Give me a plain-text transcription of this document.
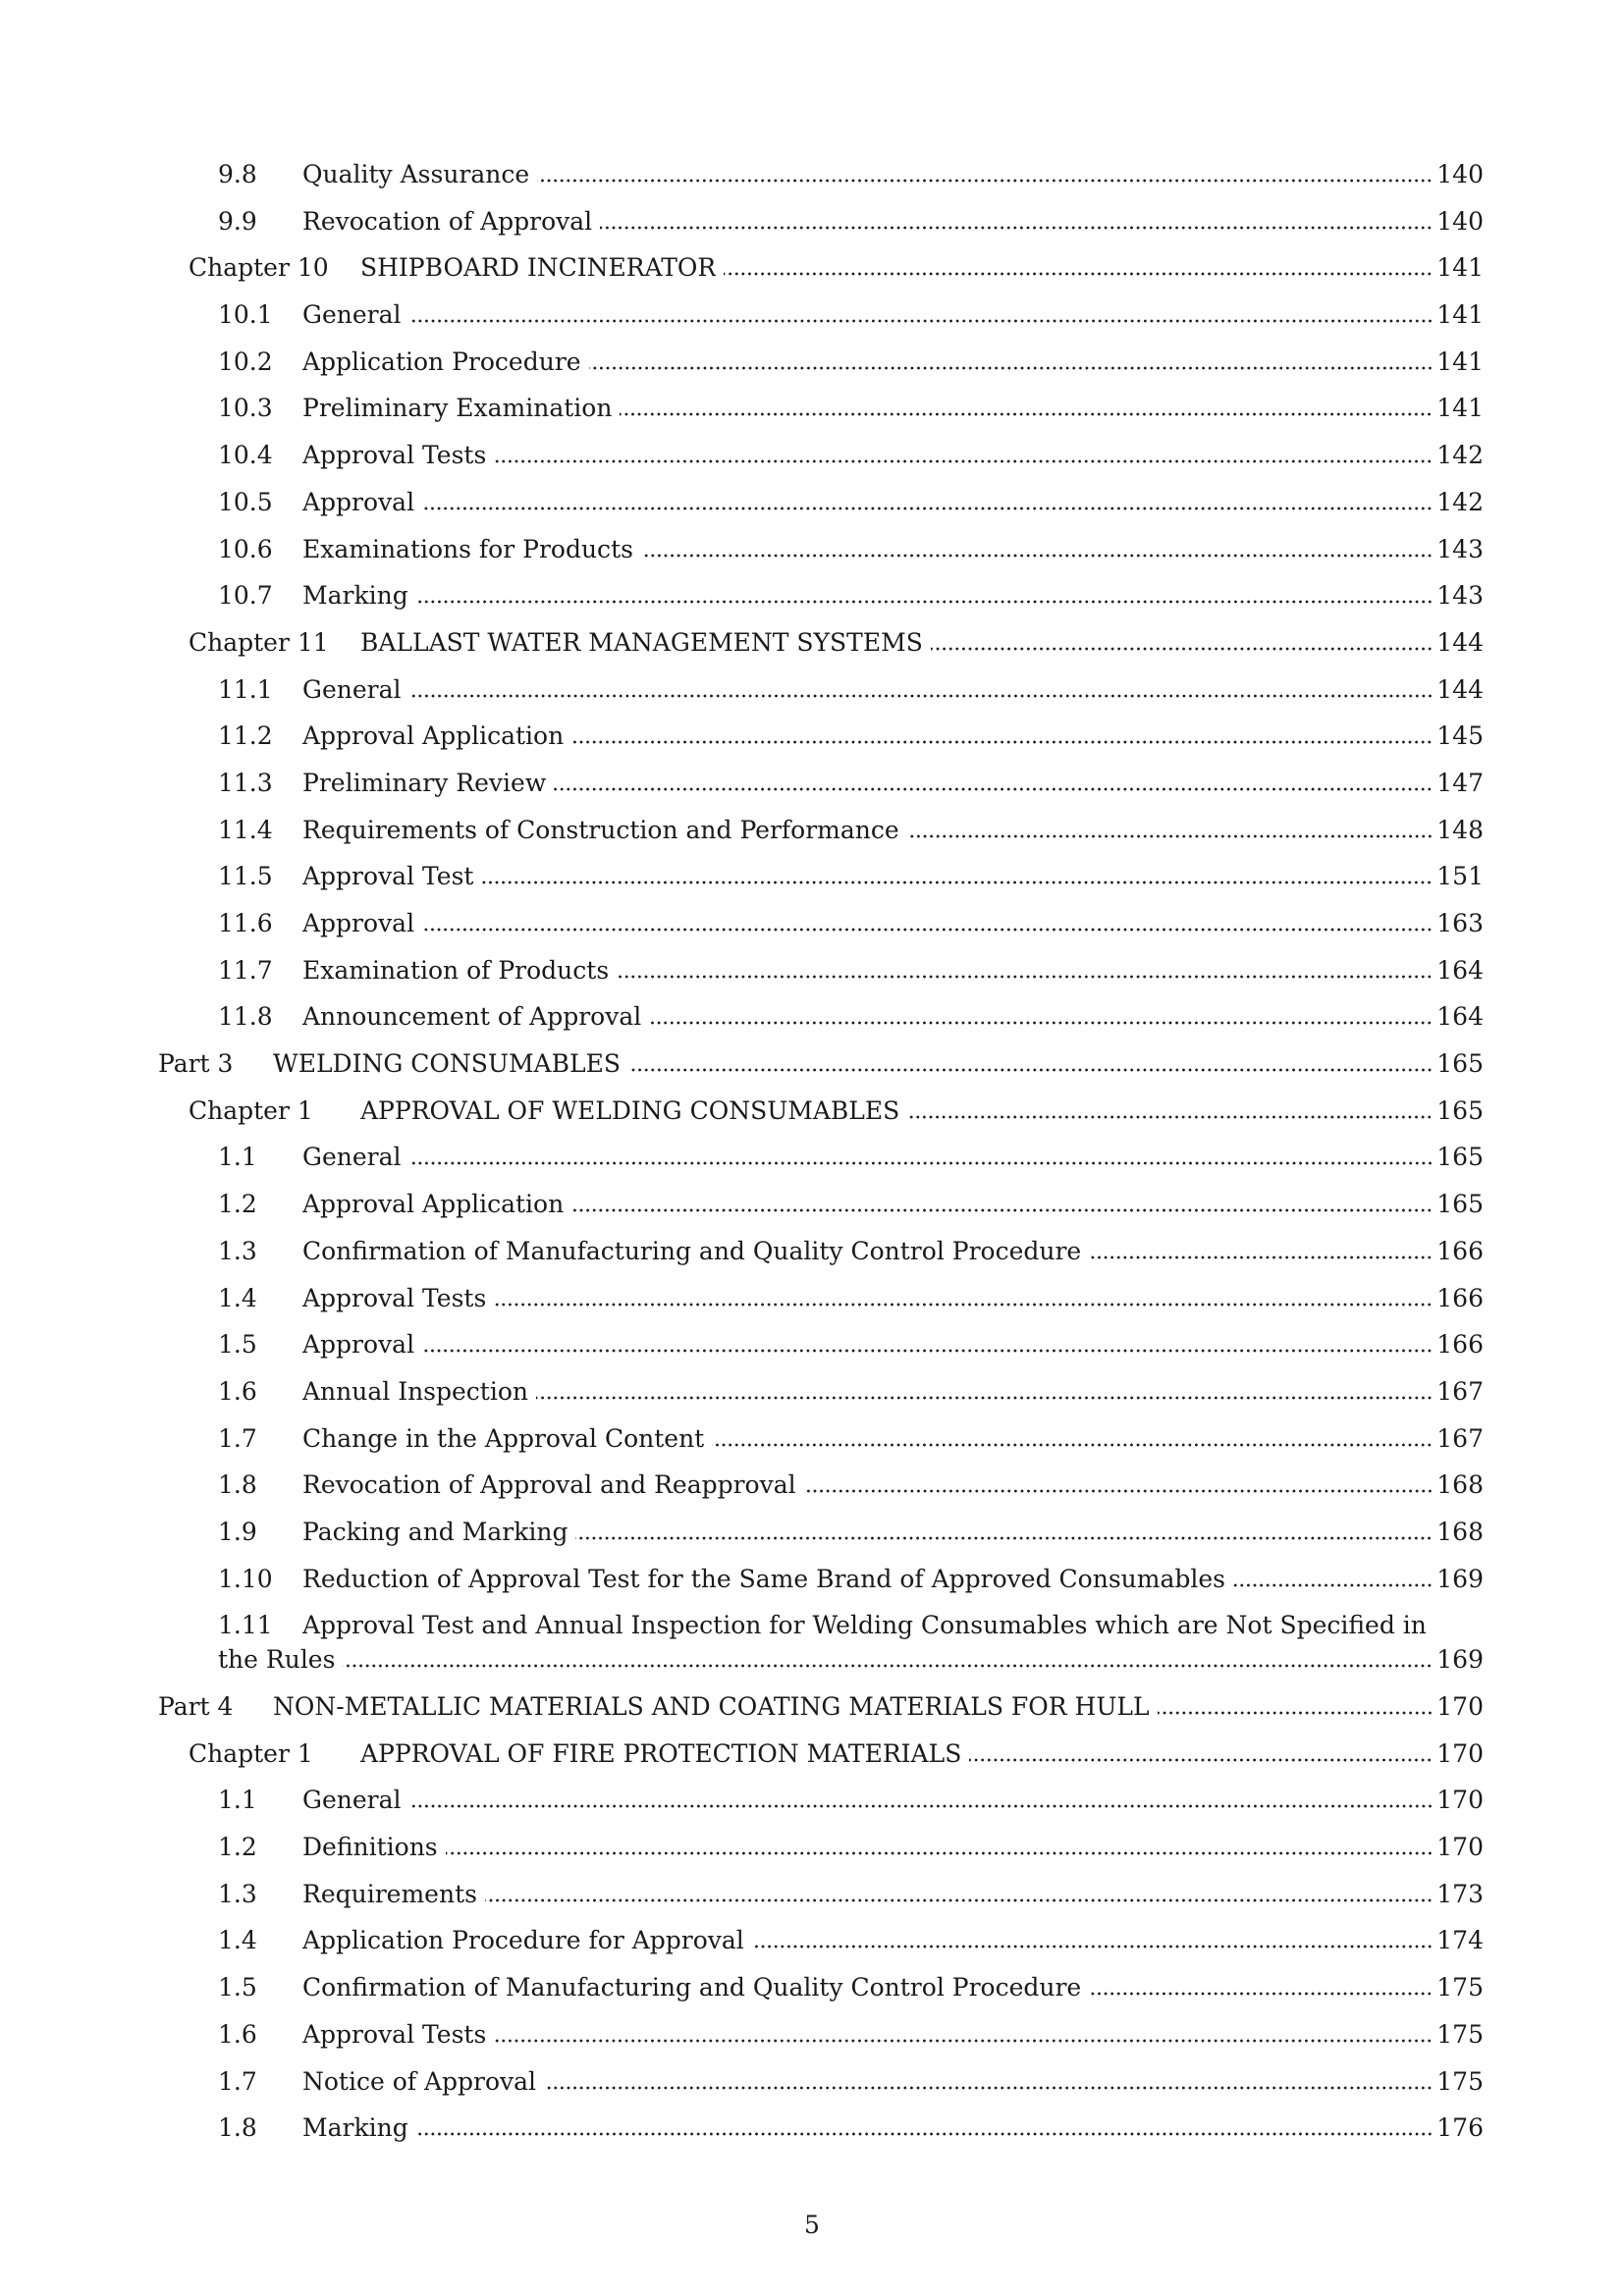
9.8	Quality Assurance	140
9.9	Revocation of Approval	140
Chapter 10	SHIPBOARD INCINERATOR	141
10.1	General	141
10.2	Application Procedure	141
10.3	Preliminary Examination	141
10.4	Approval Tests	142
10.5	Approval	142
10.6	Examinations for Products	143
10.7	Marking	143
Chapter 11	BALLAST WATER MANAGEMENT SYSTEMS	144
11.1	General	144
11.2	Approval Application	145
11.3	Preliminary Review	147
11.4	Requirements of Construction and Performance	148
11.5	Approval Test	151
11.6	Approval	163
11.7	Examination of Products	164
11.8	Announcement of Approval	164
Part 3	WELDING CONSUMABLES	165
Chapter 1	APPROVAL OF WELDING CONSUMABLES	165
1.1	General	165
1.2	Approval Application	165
1.3	Confirmation of Manufacturing and Quality Control Procedure	166
1.4	Approval Tests	166
1.5	Approval	166
1.6	Annual Inspection	167
1.7	Change in the Approval Content	167
1.8	Revocation of Approval and Reapproval	168
1.9	Packing and Marking	168
1.10	Reduction of Approval Test for the Same Brand of Approved Consumables	169
1.11	Approval Test and Annual Inspection for Welding Consumables which are Not Specified in
the Rules	169
Part 4	NON-METALLIC MATERIALS AND COATING MATERIALS FOR HULL	170
Chapter 1	APPROVAL OF FIRE PROTECTION MATERIALS	170
1.1	General	170
1.2	Definitions	170
1.3	Requirements	173
1.4	Application Procedure for Approval	174
1.5	Confirmation of Manufacturing and Quality Control Procedure	175
1.6	Approval Tests	175
1.7	Notice of Approval	175
1.8	Marking	176
5
